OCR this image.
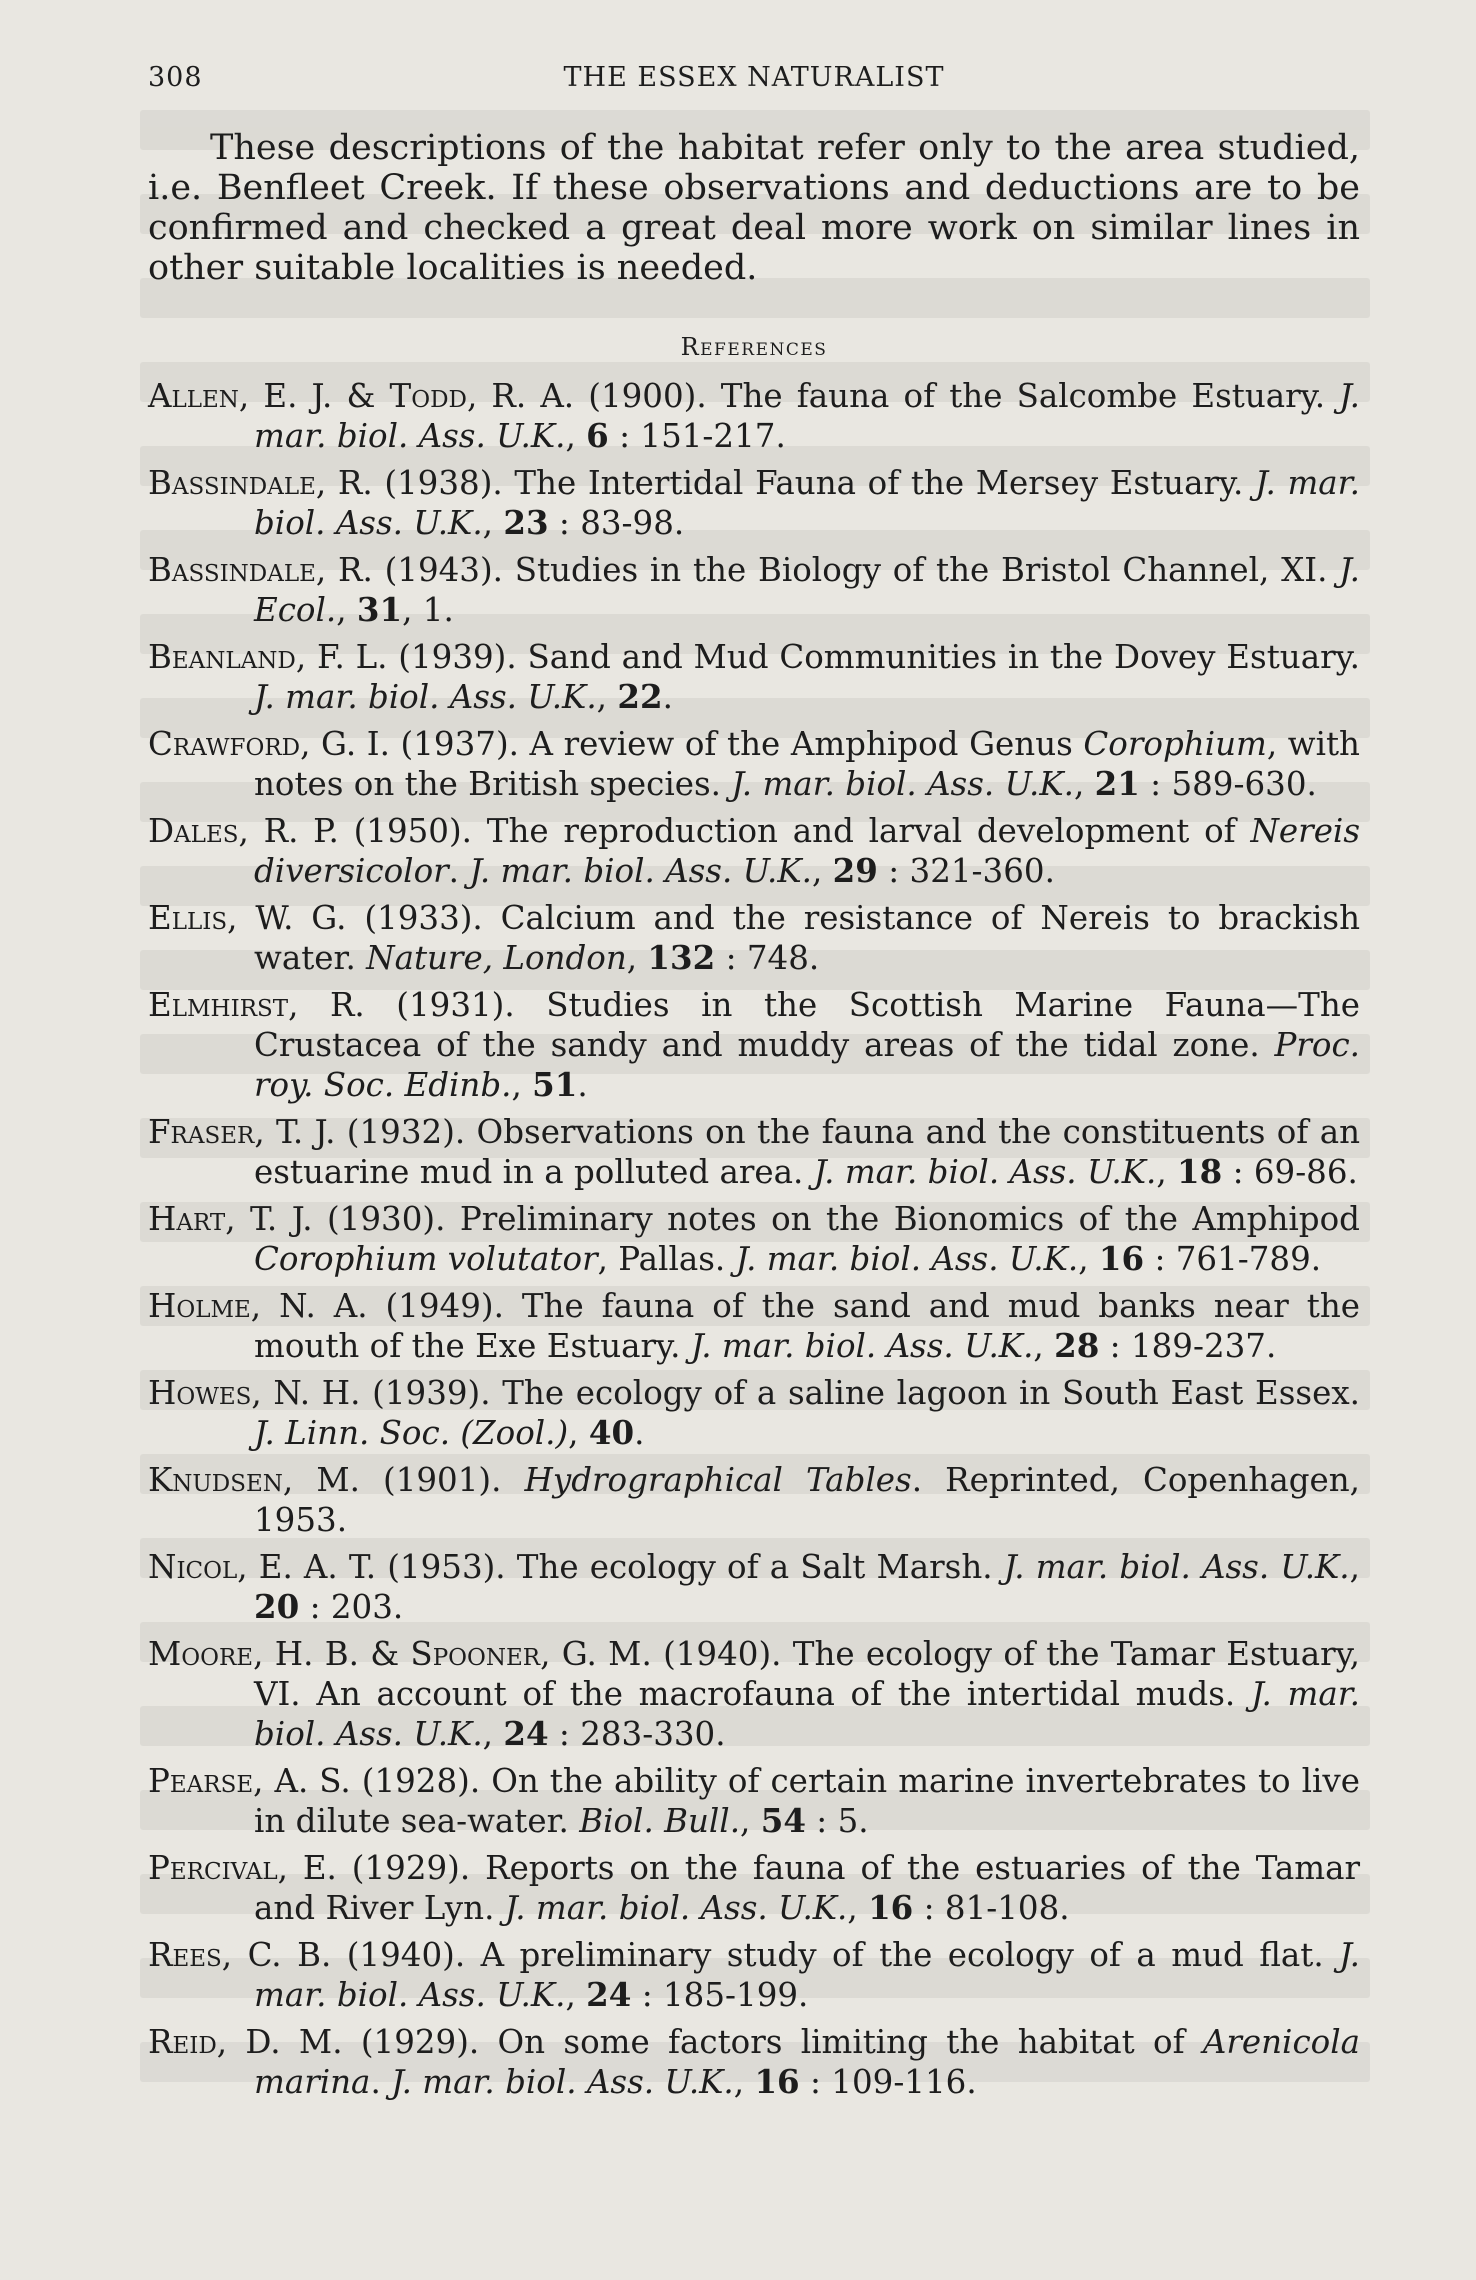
308	THE ESSEX NATURALIST

These descriptions of the habitat refer only to the area studied, i.e. Benfleet Creek. If these observations and deductions are to be confirmed and checked a great deal more work on similar lines in other suitable localities is needed.

References

Allen, E. J. & Todd, R. A. (1900). The fauna of the Salcombe Estuary. J. mar. biol. Ass. U.K., 6 : 151-217.

Bassindale, R. (1938). The Intertidal Fauna of the Mersey Estuary. J. mar. biol. Ass. U.K., 23 : 83-98.

Bassindale, R. (1943). Studies in the Biology of the Bristol Channel, XI. J. Ecol., 31, 1.

Beanland, F. L. (1939). Sand and Mud Communities in the Dovey Estuary. J. mar. biol. Ass. U.K., 22.

Crawford, G. I. (1937). A review of the Amphipod Genus Corophium, with notes on the British species. J. mar. biol. Ass. U.K., 21 : 589-630.

Dales, R. P. (1950). The reproduction and larval development of Nereis diversicolor. J. mar. biol. Ass. U.K., 29 : 321-360.

Ellis, W. G. (1933). Calcium and the resistance of Nereis to brackish water. Nature, London, 132 : 748.

Elmhirst, R. (1931). Studies in the Scottish Marine Fauna—The Crustacea of the sandy and muddy areas of the tidal zone. Proc. roy. Soc. Edinb., 51.

Fraser, T. J. (1932). Observations on the fauna and the constituents of an estuarine mud in a polluted area. J. mar. biol. Ass. U.K., 18 : 69-86.

Hart, T. J. (1930). Preliminary notes on the Bionomics of the Amphipod Corophium volutator, Pallas. J. mar. biol. Ass. U.K., 16 : 761-789.

Holme, N. A. (1949). The fauna of the sand and mud banks near the mouth of the Exe Estuary. J. mar. biol. Ass. U.K., 28 : 189-237.

Howes, N. H. (1939). The ecology of a saline lagoon in South East Essex. J. Linn. Soc. (Zool.), 40.

Knudsen, M. (1901). Hydrographical Tables. Reprinted, Copenhagen, 1953.

Nicol, E. A. T. (1953). The ecology of a Salt Marsh. J. mar. biol. Ass. U.K., 20 : 203.

Moore, H. B. & Spooner, G. M. (1940). The ecology of the Tamar Estuary, VI. An account of the macrofauna of the intertidal muds. J. mar. biol. Ass. U.K., 24 : 283-330.

Pearse, A. S. (1928). On the ability of certain marine invertebrates to live in dilute sea-water. Biol. Bull., 54 : 5.

Percival, E. (1929). Reports on the fauna of the estuaries of the Tamar and River Lyn. J. mar. biol. Ass. U.K., 16 : 81-108.

Rees, C. B. (1940). A preliminary study of the ecology of a mud flat. J. mar. biol. Ass. U.K., 24 : 185-199.

Reid, D. M. (1929). On some factors limiting the habitat of Arenicola marina. J. mar. biol. Ass. U.K., 16 : 109-116.
